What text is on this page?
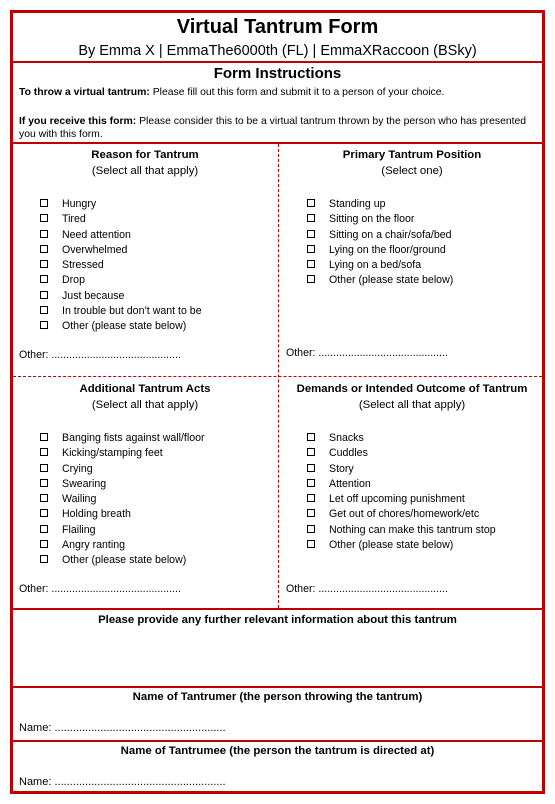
Virtual Tantrum Form
By Emma X | EmmaThe6000th (FL) | EmmaXRaccoon (BSky)
Form Instructions
To throw a virtual tantrum: Please fill out this form and submit it to a person of your choice.
If you receive this form: Please consider this to be a virtual tantrum thrown by the person who has presented you with this form.
Reason for Tantrum
(Select all that apply)
Hungry
Tired
Need attention
Overwhelmed
Stressed
Drop
Just because
In trouble but don’t want to be
Other (please state below)
Other: ............................................
Primary Tantrum Position
(Select one)
Standing up
Sitting on the floor
Sitting on a chair/sofa/bed
Lying on the floor/ground
Lying on a bed/sofa
Other (please state below)
Other: ............................................
Additional Tantrum Acts
(Select all that apply)
Banging fists against wall/floor
Kicking/stamping feet
Crying
Swearing
Wailing
Holding breath
Flailing
Angry ranting
Other (please state below)
Other: ............................................
Demands or Intended Outcome of Tantrum
(Select all that apply)
Snacks
Cuddles
Story
Attention
Let off upcoming punishment
Get out of chores/homework/etc
Nothing can make this tantrum stop
Other (please state below)
Other: ............................................
Please provide any further relevant information about this tantrum
Name of Tantrumer (the person throwing the tantrum)
Name: ........................................................
Name of Tantrumee (the person the tantrum is directed at)
Name: ........................................................
